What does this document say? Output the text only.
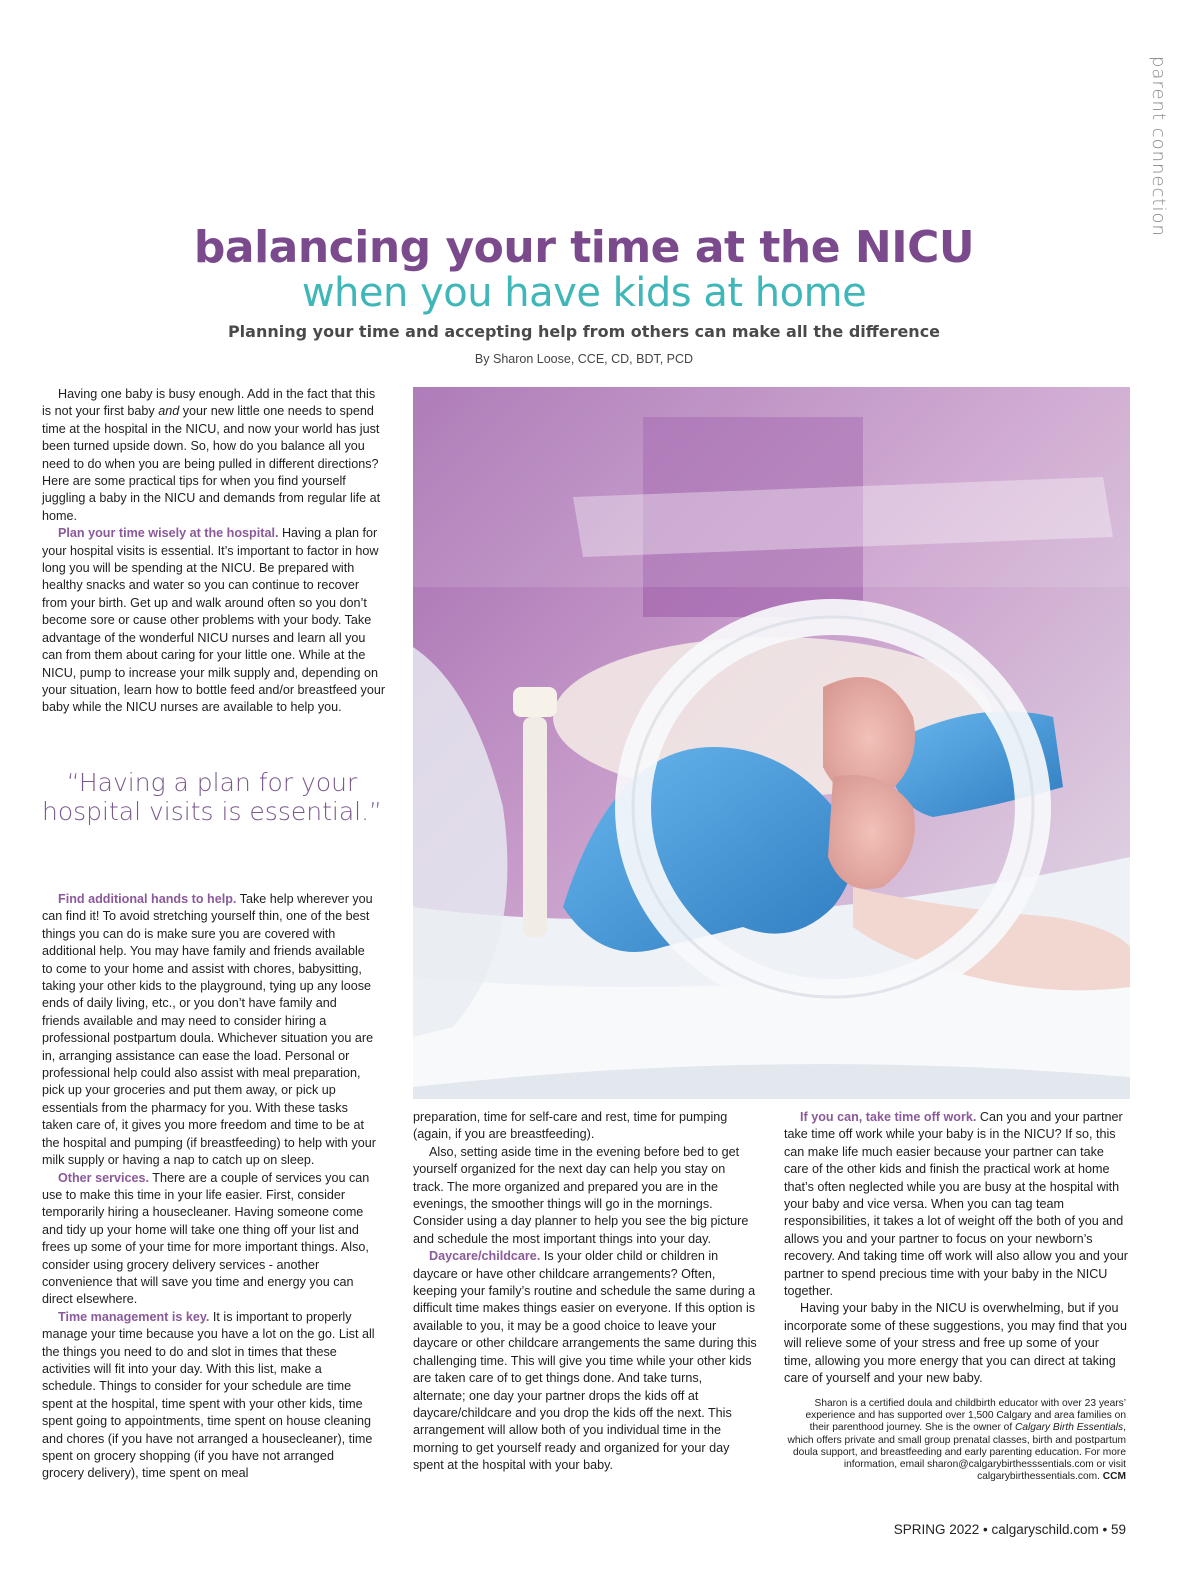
parent connection
balancing your time at the NICU
when you have kids at home

Planning your time and accepting help from others can make all the difference

By Sharon Loose, CCE, CD, BDT, PCD

Having one baby is busy enough. Add in the fact that this is not your first baby and your new little one needs to spend time at the hospital in the NICU, and now your world has just been turned upside down. So, how do you balance all you need to do when you are being pulled in different directions? Here are some practical tips for when you find yourself juggling a baby in the NICU and demands from regular life at home.

Plan your time wisely at the hospital. Having a plan for your hospital visits is essential. It’s important to factor in how long you will be spending at the NICU. Be prepared with healthy snacks and water so you can continue to recover from your birth. Get up and walk around often so you don’t become sore or cause other problems with your body. Take advantage of the wonderful NICU nurses and learn all you can from them about caring for your little one. While at the NICU, pump to increase your milk supply and, depending on your situation, learn how to bottle feed and/or breastfeed your baby while the NICU nurses are available to help you.

“Having a plan for your hospital visits is essential.”

Find additional hands to help. Take help wherever you can find it! To avoid stretching yourself thin, one of the best things you can do is make sure you are covered with additional help. You may have family and friends available to come to your home and assist with chores, babysitting, taking your other kids to the playground, tying up any loose ends of daily living, etc., or you don’t have family and friends available and may need to consider hiring a professional postpartum doula. Whichever situation you are in, arranging assistance can ease the load. Personal or professional help could also assist with meal preparation, pick up your groceries and put them away, or pick up essentials from the pharmacy for you. With these tasks taken care of, it gives you more freedom and time to be at the hospital and pumping (if breastfeeding) to help with your milk supply or having a nap to catch up on sleep.

Other services. There are a couple of services you can use to make this time in your life easier. First, consider temporarily hiring a housecleaner. Having someone come and tidy up your home will take one thing off your list and frees up some of your time for more important things. Also, consider using grocery delivery services - another convenience that will save you time and energy you can direct elsewhere.

Time management is key. It is important to properly manage your time because you have a lot on the go. List all the things you need to do and slot in times that these activities will fit into your day. With this list, make a schedule. Things to consider for your schedule are time spent at the hospital, time spent with your other kids, time spent going to appointments, time spent on house cleaning and chores (if you have not arranged a housecleaner), time spent on grocery shopping (if you have not arranged grocery delivery), time spent on meal

preparation, time for self-care and rest, time for pumping (again, if you are breastfeeding).

Also, setting aside time in the evening before bed to get yourself organized for the next day can help you stay on track. The more organized and prepared you are in the evenings, the smoother things will go in the mornings. Consider using a day planner to help you see the big picture and schedule the most important things into your day.

Daycare/childcare. Is your older child or children in daycare or have other childcare arrangements? Often, keeping your family’s routine and schedule the same during a difficult time makes things easier on everyone. If this option is available to you, it may be a good choice to leave your daycare or other childcare arrangements the same during this challenging time. This will give you time while your other kids are taken care of to get things done. And take turns, alternate; one day your partner drops the kids off at daycare/childcare and you drop the kids off the next. This arrangement will allow both of you individual time in the morning to get yourself ready and organized for your day spent at the hospital with your baby.

If you can, take time off work. Can you and your partner take time off work while your baby is in the NICU? If so, this can make life much easier because your partner can take care of the other kids and finish the practical work at home that’s often neglected while you are busy at the hospital with your baby and vice versa. When you can tag team responsibilities, it takes a lot of weight off the both of you and allows you and your partner to focus on your newborn’s recovery. And taking time off work will also allow you and your partner to spend precious time with your baby in the NICU together.

Having your baby in the NICU is overwhelming, but if you incorporate some of these suggestions, you may find that you will relieve some of your stress and free up some of your time, allowing you more energy that you can direct at taking care of yourself and your new baby.

Sharon is a certified doula and childbirth educator with over 23 years’ experience and has supported over 1,500 Calgary and area families on their parenthood journey. She is the owner of Calgary Birth Essentials, which offers private and small group prenatal classes, birth and postpartum doula support, and breastfeeding and early parenting education. For more information, email sharon@calgarybirthesssentials.com or visit calgarybirthessentials.com. CCM
SPRING 2022 • calgaryschild.com • 59
